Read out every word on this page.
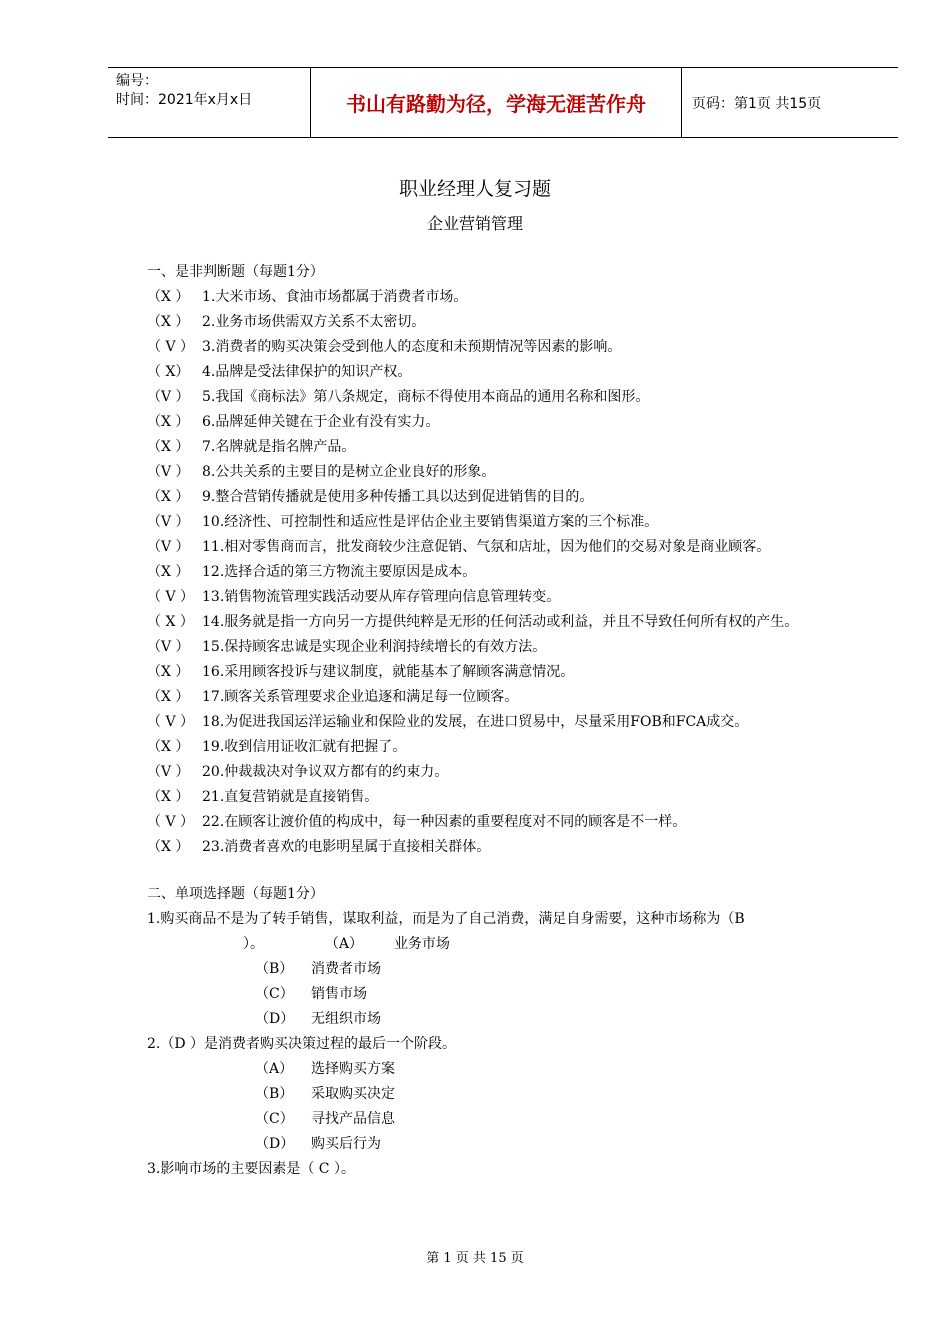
编号：
时间：2021年x月x日	书山有路勤为径，学海无涯苦作舟	页码：第1页 共15页
职业经理人复习题
企业营销管理
一、是非判断题（每题1分）
（X ） 1.大米市场、食油市场都属于消费者市场。
（X ） 2.业务市场供需双方关系不太密切。
（ V ） 3.消费者的购买决策会受到他人的态度和未预期情况等因素的影响。
（ X） 4.品牌是受法律保护的知识产权。
（V ） 5.我国《商标法》第八条规定，商标不得使用本商品的通用名称和图形。
（X ） 6.品牌延伸关键在于企业有没有实力。
（X ） 7.名牌就是指名牌产品。
（V ） 8.公共关系的主要目的是树立企业良好的形象。
（X ） 9.整合营销传播就是使用多种传播工具以达到促进销售的目的。
（V ） 10.经济性、可控制性和适应性是评估企业主要销售渠道方案的三个标准。
（V ） 11.相对零售商而言，批发商较少注意促销、气氛和店址，因为他们的交易对象是商业顾客。
（X ） 12.选择合适的第三方物流主要原因是成本。
（ V ） 13.销售物流管理实践活动要从库存管理向信息管理转变。
（ X ） 14.服务就是指一方向另一方提供纯粹是无形的任何活动或利益，并且不导致任何所有权的产生。
（V ） 15.保持顾客忠诚是实现企业利润持续增长的有效方法。
（X ） 16.采用顾客投诉与建议制度，就能基本了解顾客满意情况。
（X ） 17.顾客关系管理要求企业追逐和满足每一位顾客。
（ V ） 18.为促进我国运洋运输业和保险业的发展，在进口贸易中，尽量采用FOB和FCA成交。
（X ） 19.收到信用证收汇就有把握了。
（V ） 20.仲裁裁决对争议双方都有的约束力。
（X ） 21.直复营销就是直接销售。
（ V ） 22.在顾客让渡价值的构成中，每一种因素的重要程度对不同的顾客是不一样。
（X ） 23.消费者喜欢的电影明星属于直接相关群体。
二、单项选择题（每题1分）
1.购买商品不是为了转手销售，谋取利益，而是为了自己消费，满足自身需要，这种市场称为（B
）。	（A） 业务市场
（B） 消费者市场
（C） 销售市场
（D） 无组织市场
2.（D ）是消费者购买决策过程的最后一个阶段。
（A） 选择购买方案
（B） 采取购买决定
（C） 寻找产品信息
（D） 购买后行为
3.影响市场的主要因素是（ C ）。
第 1 页 共 15 页
